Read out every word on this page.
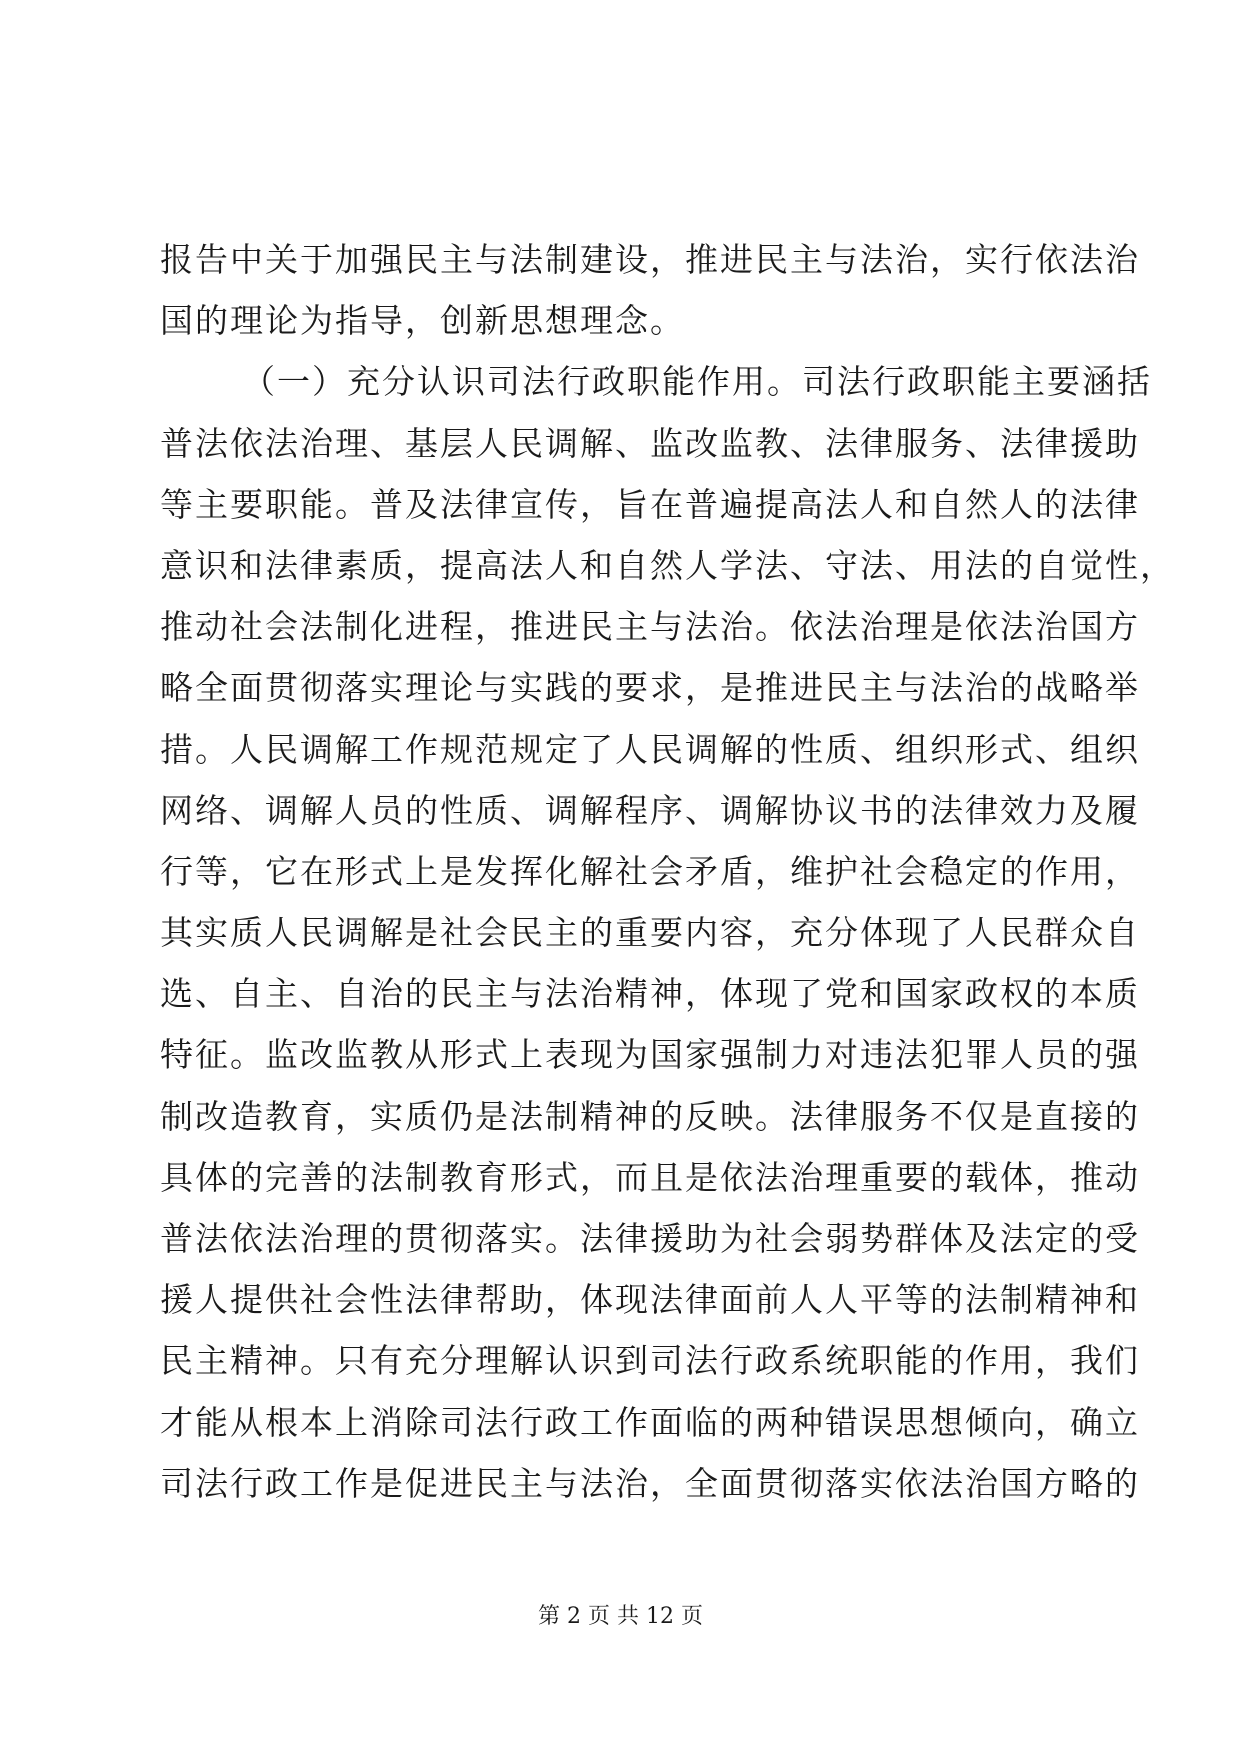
报告中关于加强民主与法制建设，推进民主与法治，实行依法治
国的理论为指导，创新思想理念。
（一）充分认识司法行政职能作用。司法行政职能主要涵括
普法依法治理、基层人民调解、监改监教、法律服务、法律援助
等主要职能。普及法律宣传，旨在普遍提高法人和自然人的法律
意识和法律素质，提高法人和自然人学法、守法、用法的自觉性，
推动社会法制化进程，推进民主与法治。依法治理是依法治国方
略全面贯彻落实理论与实践的要求，是推进民主与法治的战略举
措。人民调解工作规范规定了人民调解的性质、组织形式、组织
网络、调解人员的性质、调解程序、调解协议书的法律效力及履
行等，它在形式上是发挥化解社会矛盾，维护社会稳定的作用，
其实质人民调解是社会民主的重要内容，充分体现了人民群众自
选、自主、自治的民主与法治精神，体现了党和国家政权的本质
特征。监改监教从形式上表现为国家强制力对违法犯罪人员的强
制改造教育，实质仍是法制精神的反映。法律服务不仅是直接的
具体的完善的法制教育形式，而且是依法治理重要的载体，推动
普法依法治理的贯彻落实。法律援助为社会弱势群体及法定的受
援人提供社会性法律帮助，体现法律面前人人平等的法制精神和
民主精神。只有充分理解认识到司法行政系统职能的作用，我们
才能从根本上消除司法行政工作面临的两种错误思想倾向，确立
司法行政工作是促进民主与法治，全面贯彻落实依法治国方略的
第 2 页 共 12 页
